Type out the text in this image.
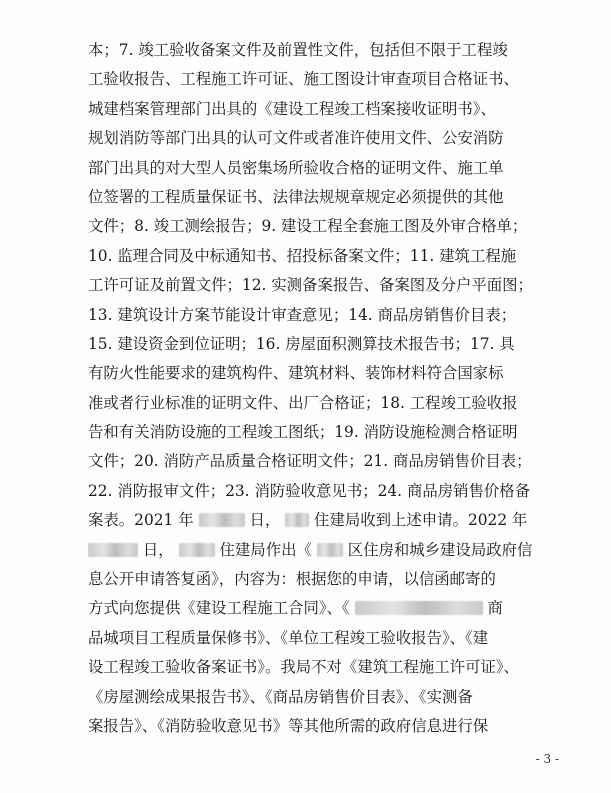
本；7. 竣工验收备案文件及前置性文件，包括但不限于工程竣
工验收报告、工程施工许可证、施工图设计审查项目合格证书、
城建档案管理部门出具的《建设工程竣工档案接收证明书》、
规划消防等部门出具的认可文件或者准许使用文件、公安消防
部门出具的对大型人员密集场所验收合格的证明文件、施工单
位签署的工程质量保证书、法律法规规章规定必须提供的其他
文件；8. 竣工测绘报告；9. 建设工程全套施工图及外审合格单；
10. 监理合同及中标通知书、招投标备案文件；11. 建筑工程施
工许可证及前置文件；12. 实测备案报告、备案图及分户平面图；
13. 建筑设计方案节能设计审查意见；14. 商品房销售价目表；
15. 建设资金到位证明；16. 房屋面积测算技术报告书；17. 具
有防火性能要求的建筑构件、建筑材料、装饰材料符合国家标
准或者行业标准的证明文件、出厂合格证；18. 工程竣工验收报
告和有关消防设施的工程竣工图纸；19. 消防设施检测合格证明
文件；20. 消防产品质量合格证明文件；21. 商品房销售价目表；
22. 消防报审文件；23. 消防验收意见书；24. 商品房销售价格备
案表。2021 年	日， 住建局收到上述申请。2022 年
日，	住建局作出《 区住房和城乡建设局政府信
息公开申请答复函》，内容为：根据您的申请，以信函邮寄的
方式向您提供《建设工程施工合同》、《	商
品城项目工程质量保修书》、《单位工程竣工验收报告》、《建
设工程竣工验收备案证书》。我局不对《建筑工程施工许可证》、
《房屋测绘成果报告书》、《商品房销售价目表》、《实测备
案报告》、《消防验收意见书》等其他所需的政府信息进行保
- 3 -
